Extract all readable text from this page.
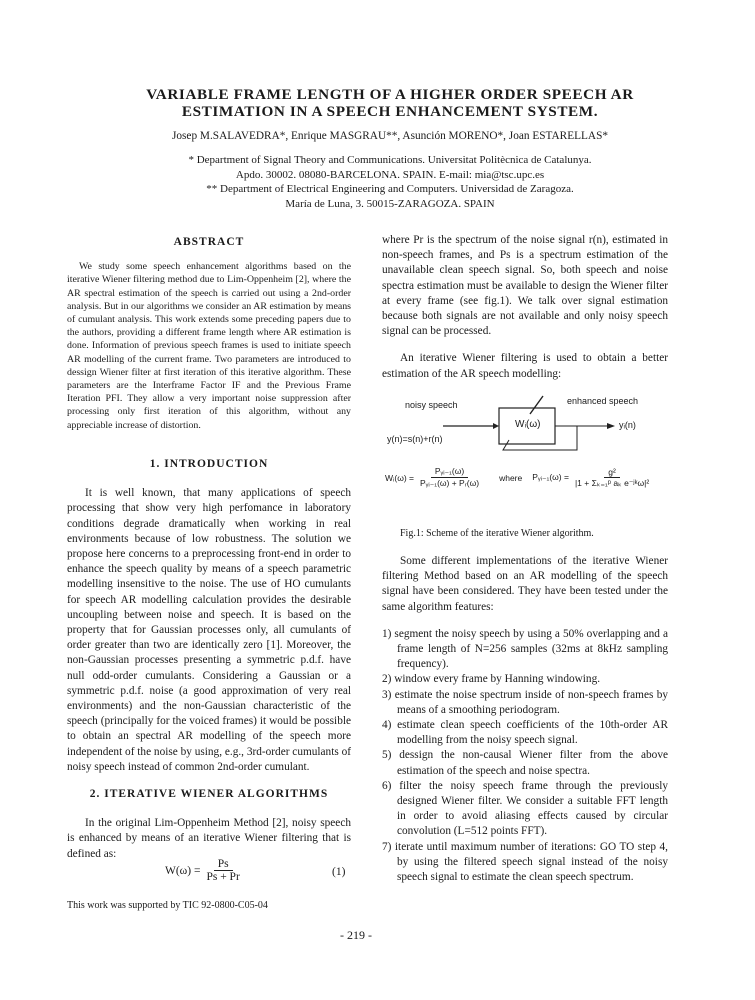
VARIABLE FRAME LENGTH OF A HIGHER ORDER SPEECH AR
ESTIMATION IN A SPEECH ENHANCEMENT SYSTEM.
Josep M.SALAVEDRA*, Enrique MASGRAU**, Asunción MORENO*, Joan ESTARELLAS*
* Department of Signal Theory and Communications. Universitat Politècnica de Catalunya.
Apdo. 30002. 08080-BARCELONA. SPAIN. E-mail: mia@tsc.upc.es
** Department of Electrical Engineering and Computers. Universidad de Zaragoza.
María de Luna, 3. 50015-ZARAGOZA. SPAIN
ABSTRACT

We study some speech enhancement algorithms based on the iterative Wiener filtering method due to Lim-Oppenheim [2], where the AR spectral estimation of the speech is carried out using a 2nd-order analysis. But in our algorithms we consider an AR estimation by means of cumulant analysis. This work extends some preceding papers due to the authors, providing a different frame length where AR estimation is done. Information of previous speech frames is used to initiate speech AR modelling of the current frame. Two parameters are introduced to dessign Wiener filter at first iteration of this iterative algorithm. These parameters are the Interframe Factor IF and the Previous Frame Iteration PFI. They allow a very important noise suppression after processing only first iteration of this algorithm, without any appreciable increase of distortion.

1. INTRODUCTION

It is well known, that many applications of speech processing that show very high perfomance in laboratory conditions degrade dramatically when working in real environments because of low robustness. The solution we propose here concerns to a preprocessing front-end in order to enhance the speech quality by means of a speech parametric modelling insensitive to the noise. The use of HO cumulants for speech AR modelling calculation provides the desirable uncoupling between noise and speech. It is based on the property that for Gaussian processes only, all cumulants of order greater than two are identically zero [1]. Moreover, the non-Gaussian processes presenting a symmetric p.d.f. have null odd-order cumulants. Considering a Gaussian or a symmetric p.d.f. noise (a good approximation of very real environments) and the non-Gaussian characteristic of the speech (principally for the voiced frames) it would be possible to obtain an spectral AR modelling of the speech more independent of the noise by using, e.g., 3rd-order cumulants of noisy speech instead of common 2nd-order cumulant.

2. ITERATIVE WIENER ALGORITHMS

In the original Lim-Oppenheim Method [2], noisy speech is enhanced by means of an iterative Wiener filtering that is defined as:

$W(\omega) = \frac{Ps}{Ps + Pr}$	(1)
This work was supported by TIC 92-0800-C05-04

where Pr is the spectrum of the noise signal r(n), estimated in non-speech frames, and Ps is a spectrum estimation of the unavailable clean speech signal. So, both speech and noise spectra estimation must be available to design the Wiener filter at every frame (see fig.1). We talk over signal estimation because both signals are not available and only noisy speech signal can be processed.

An iterative Wiener filtering is used to obtain a better estimation of the AR speech modelling:

noisy speech
y(n)=s(n)+r(n)
Wᵢ(ω)
enhanced speech
yᵢ(n)
Wᵢ(ω) = $\frac{\text{Pᵧᵢ₋₁(ω)}}{\text{Pᵧᵢ₋₁(ω) + Pᵣ(ω)}}$ where Pᵧᵢ₋₁(ω) = $\frac{\text{g²}}{\text{|1 + Σₖ₌₁ᵖ aₖ e⁻ʲᵏω|²}}$
Fig.1: Scheme of the iterative Wiener algorithm.

Some different implementations of the iterative Wiener filtering Method based on an AR modelling of the speech signal have been considered. They have been tested under the same algorithm features:

1) segment the noisy speech by using a 50% overlapping and a frame length of N=256 samples (32ms at 8kHz sampling frequency).
2) window every frame by Hanning windowing.
3) estimate the noise spectrum inside of non-speech frames by means of a smoothing periodogram.
4) estimate clean speech coefficients of the 10th-order AR modelling from the noisy speech signal.
5) dessign the non-causal Wiener filter from the above estimation of the speech and noise spectra.
6) filter the noisy speech frame through the previously designed Wiener filter. We consider a suitable FFT length in order to avoid aliasing effects caused by circular convolution (L=512 points FFT).
7) iterate until maximum number of iterations: GO TO step 4, by using the filtered speech signal instead of the noisy speech signal to estimate the clean speech spectrum.
- 219 -
